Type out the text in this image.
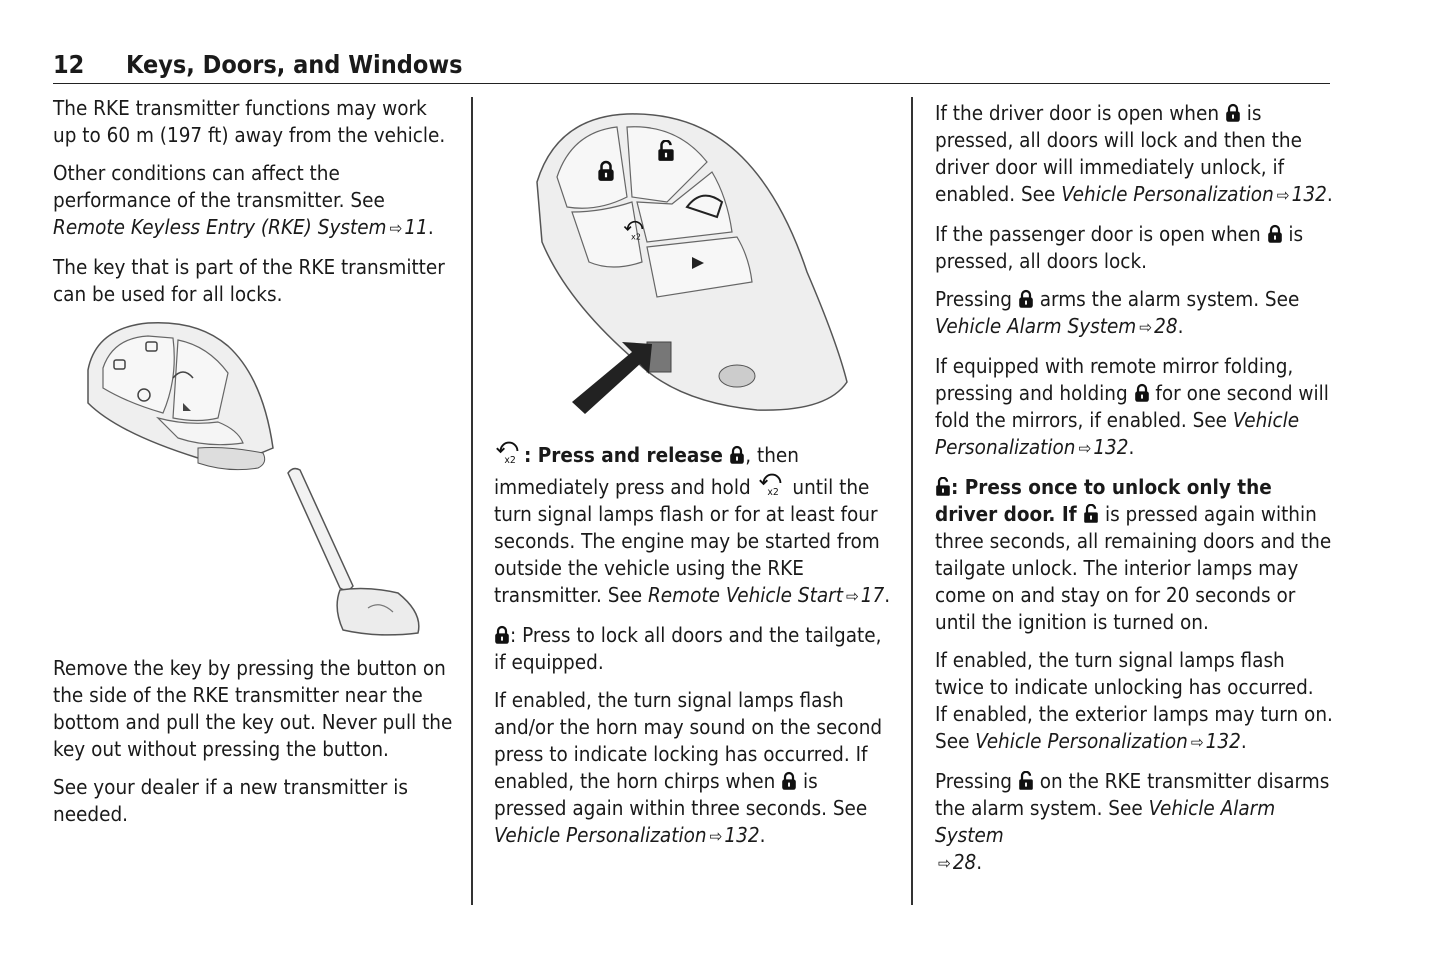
12 Keys, Doors, and Windows

The RKE transmitter functions may work up to 60 m (197 ft) away from the vehicle.

Other conditions can affect the performance of the transmitter. See Remote Keyless Entry (RKE) System ⇨11.

The key that is part of the RKE transmitter can be used for all locks.

Remove the key by pressing the button on the side of the RKE transmitter near the bottom and pull the key out. Never pull the key out without pressing the button.

See your dealer if a new transmitter is needed.

: Press and release , then immediately press and hold  until the turn signal lamps flash or for at least four seconds. The engine may be started from outside the vehicle using the RKE transmitter. See Remote Vehicle Start ⇨17.

: Press to lock all doors and the tailgate, if equipped.

If enabled, the turn signal lamps flash and/or the horn may sound on the second press to indicate locking has occurred. If enabled, the horn chirps when  is pressed again within three seconds. See Vehicle Personalization ⇨132.

If the driver door is open when  is pressed, all doors will lock and then the driver door will immediately unlock, if enabled. See Vehicle Personalization ⇨132.

If the passenger door is open when  is pressed, all doors lock.

Pressing  arms the alarm system. See
Vehicle Alarm System ⇨28.

If equipped with remote mirror folding, pressing and holding  for one second will fold the mirrors, if enabled. See Vehicle Personalization ⇨132.

: Press once to unlock only the driver door. If  is pressed again within three seconds, all remaining doors and the tailgate unlock. The interior lamps may come on and stay on for 20 seconds or until the ignition is turned on.

If enabled, the turn signal lamps flash twice to indicate unlocking has occurred.
If enabled, the exterior lamps may turn on. See Vehicle Personalization ⇨132.

Pressing  on the RKE transmitter disarms the alarm system. See Vehicle Alarm System
⇨28.
